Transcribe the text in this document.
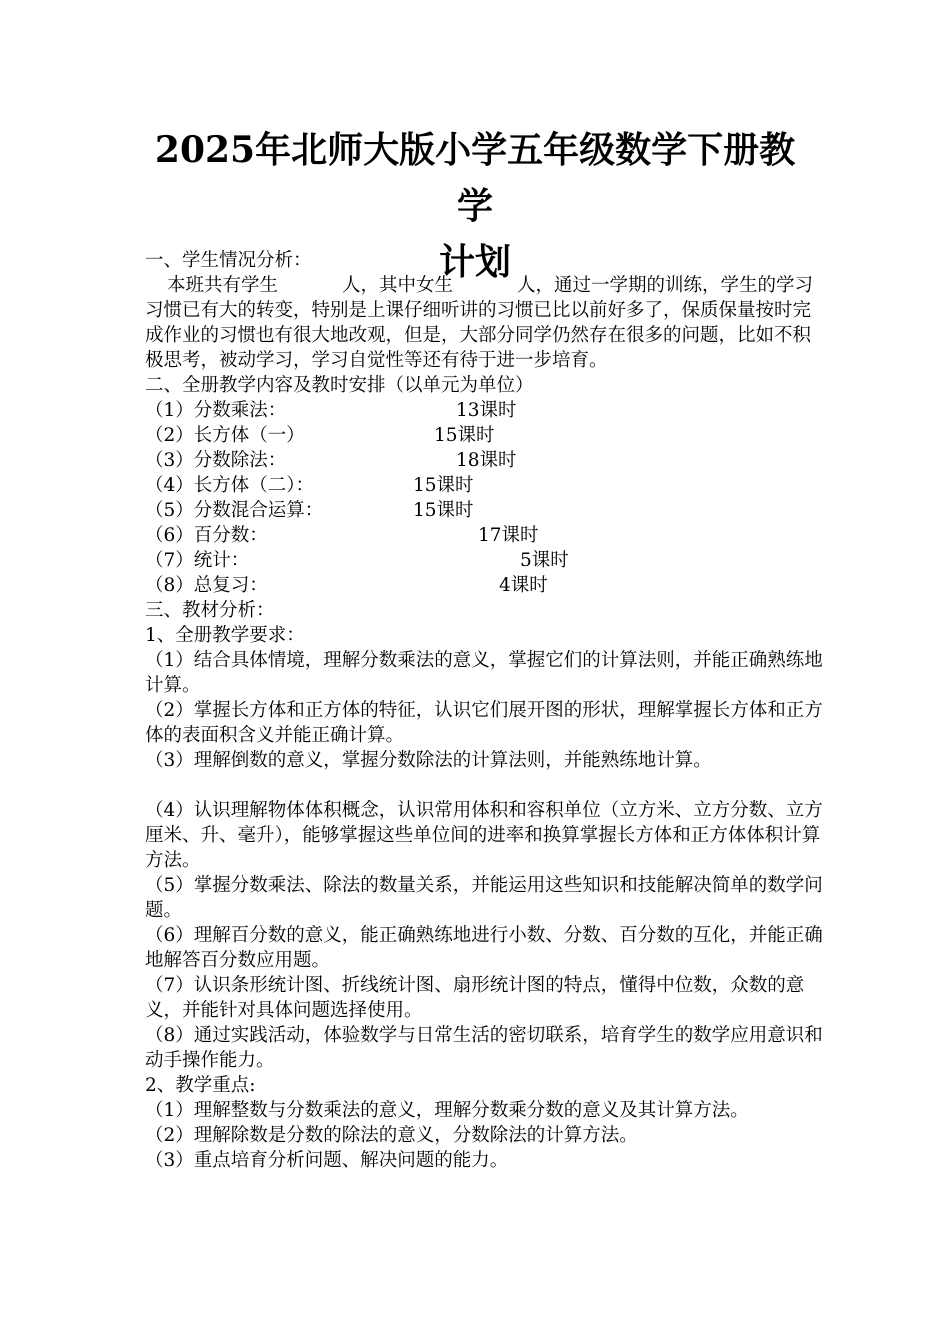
2025年北师大版小学五年级数学下册教学
计划

一、学生情况分析：

本班共有学生	人，其中女生	人，通过一学期的训练，学生的学习习惯已有大的转变，特别是上课仔细听讲的习惯已比以前好多了，保质保量按时完成作业的习惯也有很大地改观，但是，大部分同学仍然存在很多的问题，比如不积极思考，被动学习，学习自觉性等还有待于进一步培育。

二、全册教学内容及教时安排（以单元为单位）

（1）分数乘法：	13课时
（2）长方体（一）	15课时
（3）分数除法：	18课时
（4）长方体（二）：	15课时
（5）分数混合运算：	15课时
（6）百分数：	17课时
（7）统计：	5课时
（8）总复习：	4课时

三、教材分析：

1、全册教学要求：

（1）结合具体情境，理解分数乘法的意义，掌握它们的计算法则，并能正确熟练地计算。

（2）掌握长方体和正方体的特征，认识它们展开图的形状，理解掌握长方体和正方体的表面积含义并能正确计算。

（3）理解倒数的意义，掌握分数除法的计算法则，并能熟练地计算。

（4）认识理解物体体积概念，认识常用体积和容积单位（立方米、立方分数、立方厘米、升、毫升），能够掌握这些单位间的进率和换算掌握长方体和正方体体积计算方法。

（5）掌握分数乘法、除法的数量关系，并能运用这些知识和技能解决简单的数学问题。

（6）理解百分数的意义，能正确熟练地进行小数、分数、百分数的互化，并能正确地解答百分数应用题。

（7）认识条形统计图、折线统计图、扇形统计图的特点，懂得中位数，众数的意义，并能针对具体问题选择使用。

（8）通过实践活动，体验数学与日常生活的密切联系，培育学生的数学应用意识和动手操作能力。

2、教学重点:

（1）理解整数与分数乘法的意义，理解分数乘分数的意义及其计算方法。

（2）理解除数是分数的除法的意义，分数除法的计算方法。

（3）重点培育分析问题、解决问题的能力。
